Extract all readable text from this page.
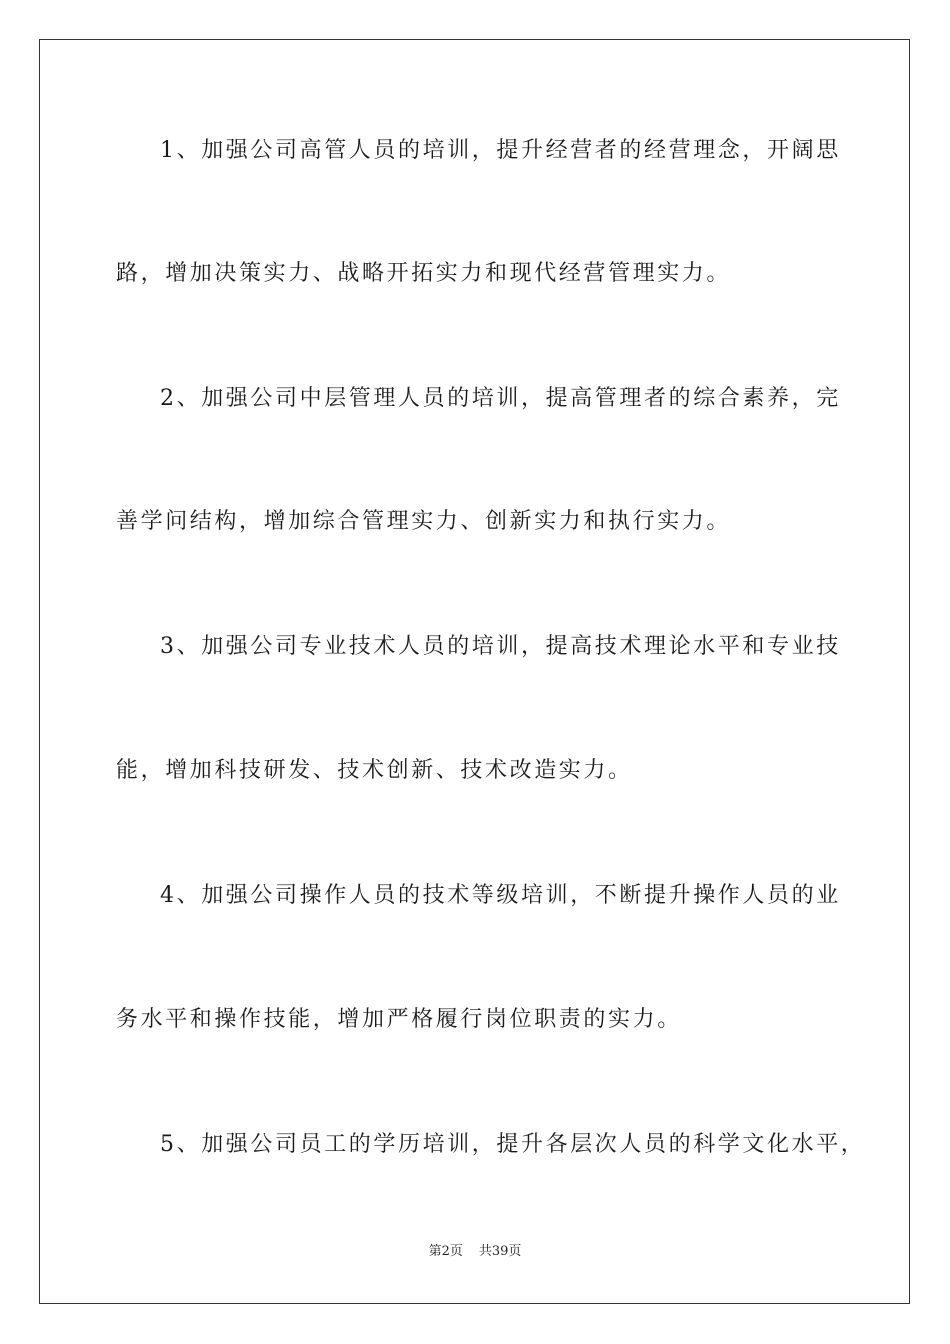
1、加强公司高管人员的培训，提升经营者的经营理念，开阔思
路，增加决策实力、战略开拓实力和现代经营管理实力。
2、加强公司中层管理人员的培训，提高管理者的综合素养，完
善学问结构，增加综合管理实力、创新实力和执行实力。
3、加强公司专业技术人员的培训，提高技术理论水平和专业技
能，增加科技研发、技术创新、技术改造实力。
4、加强公司操作人员的技术等级培训，不断提升操作人员的业
务水平和操作技能，增加严格履行岗位职责的实力。
5、加强公司员工的学历培训，提升各层次人员的科学文化水平，
第2页 共39页
